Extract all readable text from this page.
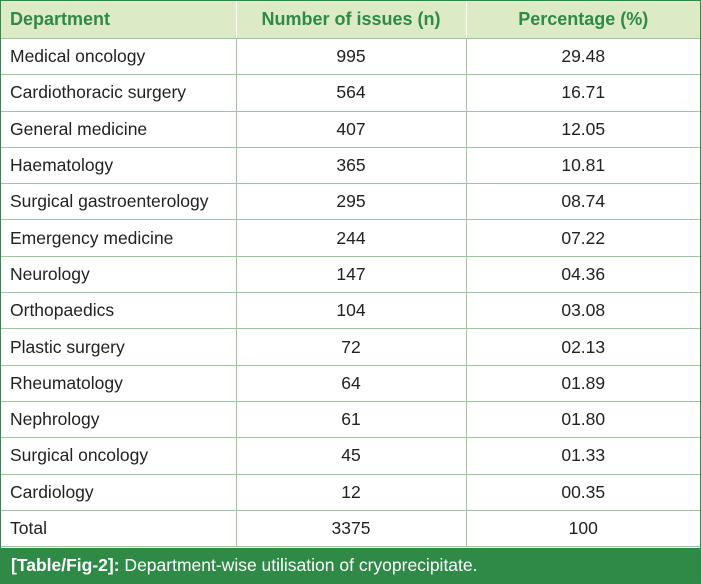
Department	Number of issues (n)	Percentage (%)
Medical oncology	995	29.48
Cardiothoracic surgery	564	16.71
General medicine	407	12.05
Haematology	365	10.81
Surgical gastroenterology	295	08.74
Emergency medicine	244	07.22
Neurology	147	04.36
Orthopaedics	104	03.08
Plastic surgery	72	02.13
Rheumatology	64	01.89
Nephrology	61	01.80
Surgical oncology	45	01.33
Cardiology	12	00.35
Total	3375	100
[Table/Fig-2]: Department-wise utilisation of cryoprecipitate.
